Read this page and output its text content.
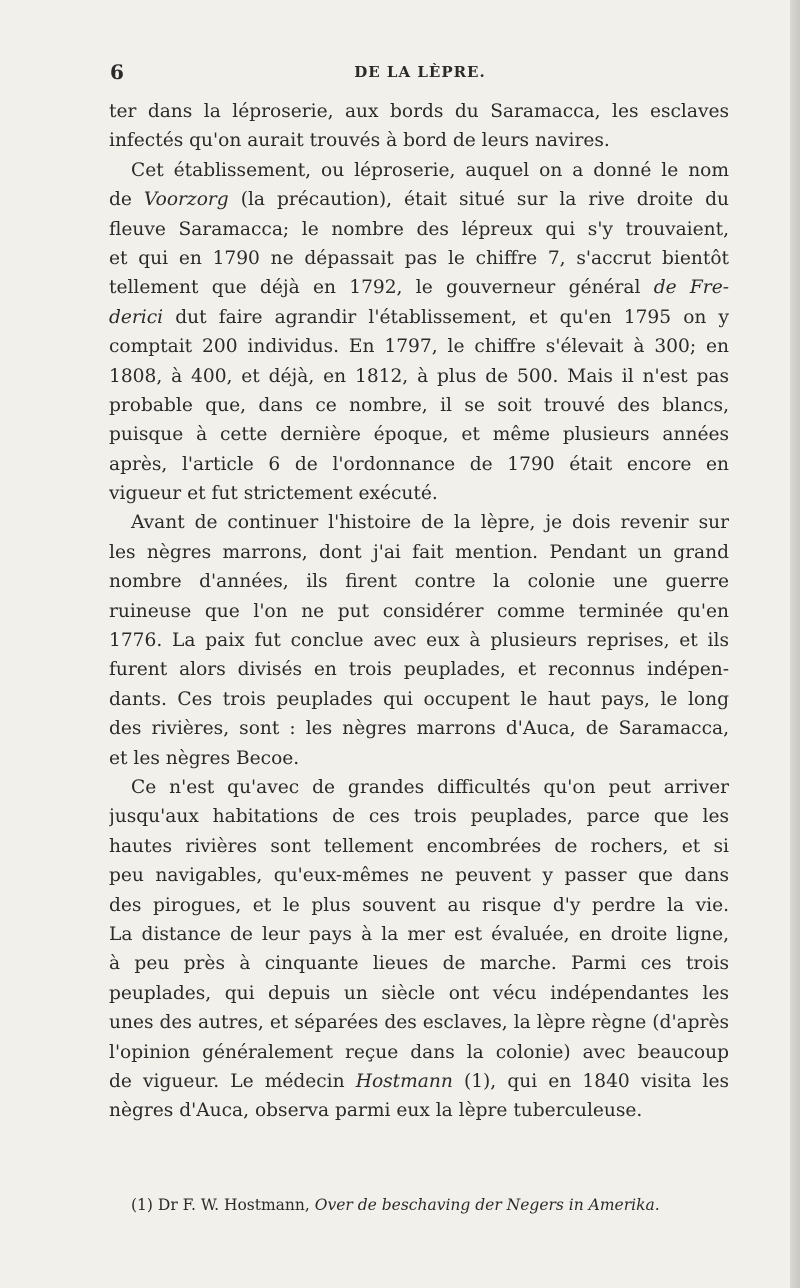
6	DE LA LÈPRE.
ter dans la léproserie, aux bords du Saramacca, les esclaves
infectés qu'on aurait trouvés à bord de leurs navires.
Cet établissement, ou léproserie, auquel on a donné le nom
de Voorzorg (la précaution), était situé sur la rive droite du
fleuve Saramacca; le nombre des lépreux qui s'y trouvaient,
et qui en 1790 ne dépassait pas le chiffre 7, s'accrut bientôt
tellement que déjà en 1792, le gouverneur général de Fre-
derici dut faire agrandir l'établissement, et qu'en 1795 on y
comptait 200 individus. En 1797, le chiffre s'élevait à 300; en
1808, à 400, et déjà, en 1812, à plus de 500. Mais il n'est pas
probable que, dans ce nombre, il se soit trouvé des blancs,
puisque à cette dernière époque, et même plusieurs années
après, l'article 6 de l'ordonnance de 1790 était encore en
vigueur et fut strictement exécuté.
Avant de continuer l'histoire de la lèpre, je dois revenir sur
les nègres marrons, dont j'ai fait mention. Pendant un grand
nombre d'années, ils firent contre la colonie une guerre
ruineuse que l'on ne put considérer comme terminée qu'en
1776. La paix fut conclue avec eux à plusieurs reprises, et ils
furent alors divisés en trois peuplades, et reconnus indépen-
dants. Ces trois peuplades qui occupent le haut pays, le long
des rivières, sont : les nègres marrons d'Auca, de Saramacca,
et les nègres Becoe.
Ce n'est qu'avec de grandes difficultés qu'on peut arriver
jusqu'aux habitations de ces trois peuplades, parce que les
hautes rivières sont tellement encombrées de rochers, et si
peu navigables, qu'eux-mêmes ne peuvent y passer que dans
des pirogues, et le plus souvent au risque d'y perdre la vie.
La distance de leur pays à la mer est évaluée, en droite ligne,
à peu près à cinquante lieues de marche. Parmi ces trois
peuplades, qui depuis un siècle ont vécu indépendantes les
unes des autres, et séparées des esclaves, la lèpre règne (d'après
l'opinion généralement reçue dans la colonie) avec beaucoup
de vigueur. Le médecin Hostmann (1), qui en 1840 visita les
nègres d'Auca, observa parmi eux la lèpre tuberculeuse.
(1) Dr F. W. Hostmann, Over de beschaving der Negers in Amerika.
